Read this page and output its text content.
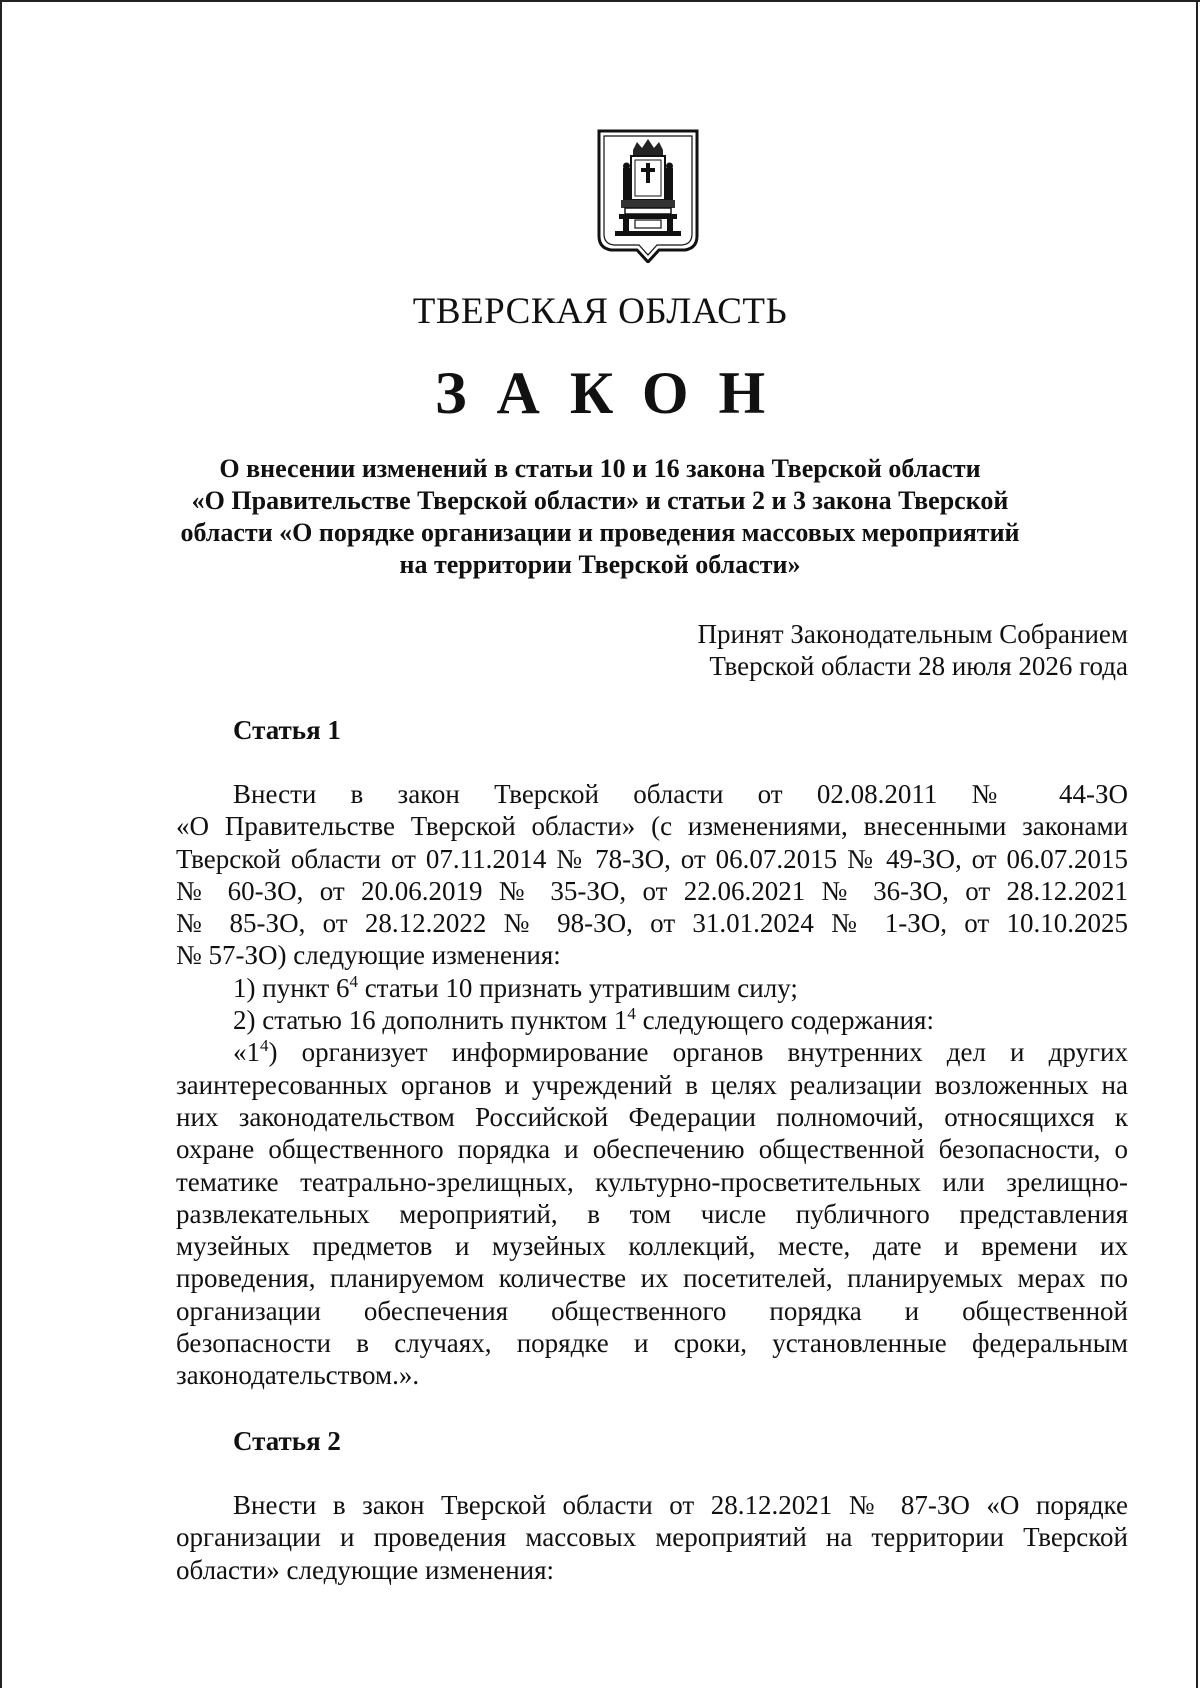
ТВЕРСКАЯ ОБЛАСТЬ
ЗАКОН
О внесении изменений в статьи 10 и 16 закона Тверской области
«О Правительстве Тверской области» и статьи 2 и 3 закона Тверской
области «О порядке организации и проведения массовых мероприятий
на территории Тверской области»
Принят Законодательным Собранием
Тверской области 28 июля 2026 года
Статья 1
Внести в закон Тверской области от 02.08.2011 № 44-ЗО
«О Правительстве Тверской области» (с изменениями, внесенными законами
Тверской области от 07.11.2014 № 78-ЗО, от 06.07.2015 № 49-ЗО, от 06.07.2015
№ 60-ЗО, от 20.06.2019 № 35-ЗО, от 22.06.2021 № 36-ЗО, от 28.12.2021
№ 85-ЗО, от 28.12.2022 № 98-ЗО, от 31.01.2024 № 1-ЗО, от 10.10.2025
№ 57-ЗО) следующие изменения:
1) пункт $6^4$ статьи 10 признать утратившим силу;
2) статью 16 дополнить пунктом $1^4$ следующего содержания:
«$1^4$) организует информирование органов внутренних дел и других
заинтересованных органов и учреждений в целях реализации возложенных на
них законодательством Российской Федерации полномочий, относящихся к
охране общественного порядка и обеспечению общественной безопасности, о
тематике театрально-зрелищных, культурно-просветительных или зрелищно-
развлекательных мероприятий, в том числе публичного представления
музейных предметов и музейных коллекций, месте, дате и времени их
проведения, планируемом количестве их посетителей, планируемых мерах по
организации обеспечения общественного порядка и общественной
безопасности в случаях, порядке и сроки, установленные федеральным
законодательством.».
Статья 2
Внести в закон Тверской области от 28.12.2021 № 87-ЗО «О порядке
организации и проведения массовых мероприятий на территории Тверской
области» следующие изменения:
